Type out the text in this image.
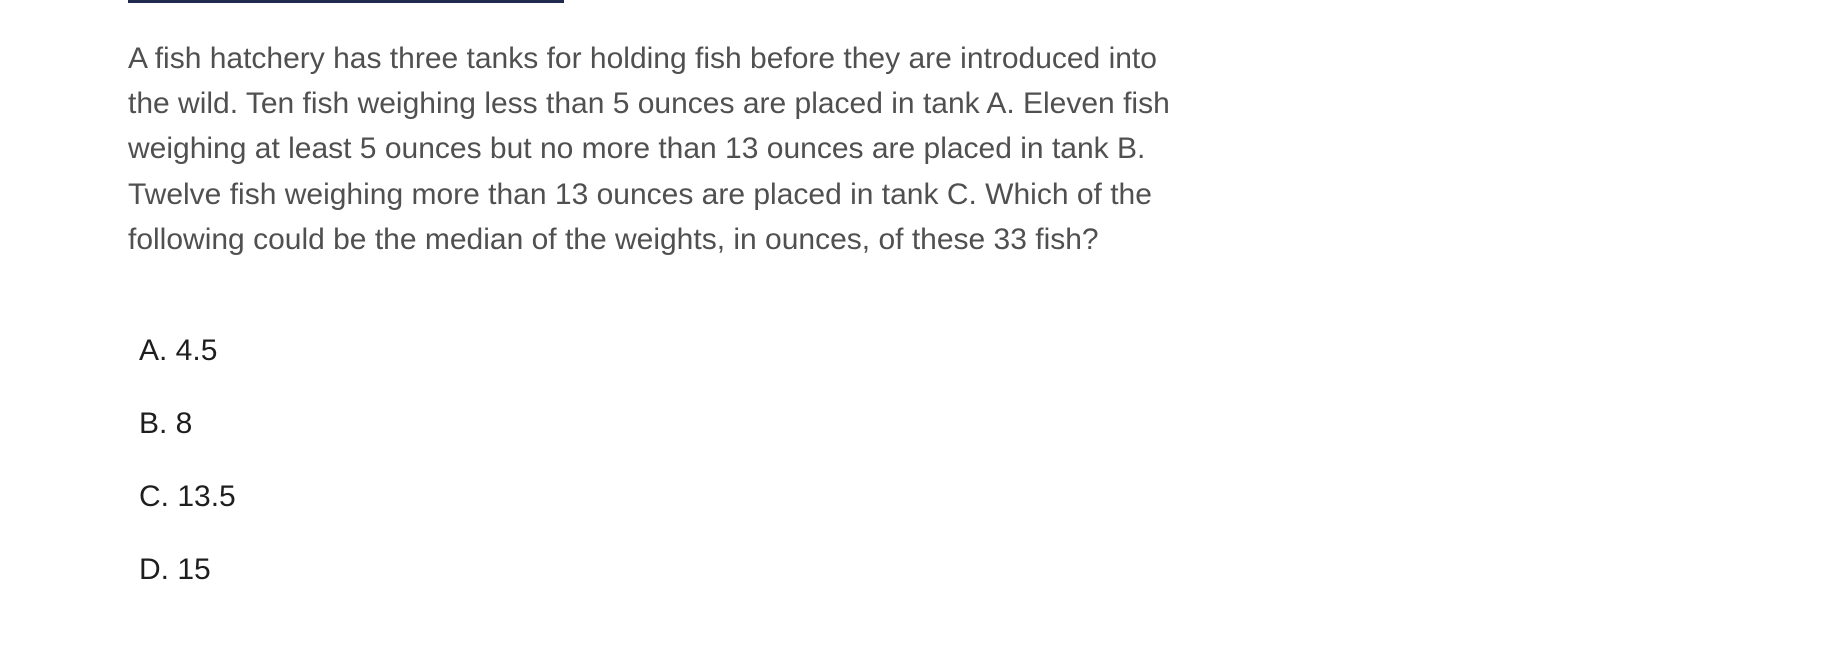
A fish hatchery has three tanks for holding fish before they are introduced into the wild. Ten fish weighing less than 5 ounces are placed in tank A. Eleven fish weighing at least 5 ounces but no more than 13 ounces are placed in tank B. Twelve fish weighing more than 13 ounces are placed in tank C. Which of the following could be the median of the weights, in ounces, of these 33 fish?

A. 4.5
B. 8
C. 13.5
D. 15
